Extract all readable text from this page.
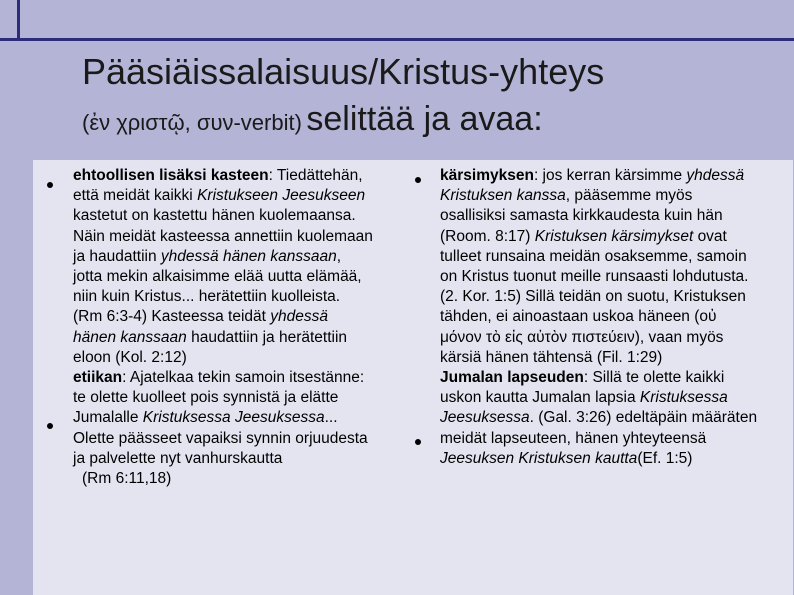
Pääsiäissalaisuus/Kristus-yhteys
(ἐν χριστῷ, συν-verbit) selittää ja avaa:

ehtoollisen lisäksi kasteen: Tiedättehän, että meidät kaikki Kristukseen Jeesukseen kastetut on kastettu hänen kuolemaansa. Näin meidät kasteessa annettiin kuolemaan ja haudattiin yhdessä hänen kanssaan, jotta mekin alkaisimme elää uutta elämää, niin kuin Kristus... herätettiin kuolleista. (Rm 6:3-4) Kasteessa teidät yhdessä hänen kanssaan haudattiin ja herätettiin eloon (Kol. 2:12)

etiikan: Ajatelkaa tekin samoin itsestänne: te olette kuolleet pois synnistä ja elätte Jumalalle Kristuksessa Jeesuksessa... Olette päässeet vapaiksi synnin orjuudesta ja palvelette nyt vanhurskautta

(Rm 6:11,18)

kärsimyksen: jos kerran kärsimme yhdessä Kristuksen kanssa, pääsemme myös osallisiksi samasta kirkkaudesta kuin hän (Room. 8:17) Kristuksen kärsimykset ovat tulleet runsaina meidän osaksemme, samoin on Kristus tuonut meille runsaasti lohdutusta. (2. Kor. 1:5) Sillä teidän on suotu, Kristuksen tähden, ei ainoastaan uskoa häneen (οὐ μόνον τὸ εἰς αὐτὸν πιστεύειν), vaan myös kärsiä hänen tähtensä (Fil. 1:29)

Jumalan lapseuden: Sillä te olette kaikki uskon kautta Jumalan lapsia Kristuksessa Jeesuksessa. (Gal. 3:26) edeltäpäin määräten meidät lapseuteen, hänen yhteyteensä Jeesuksen Kristuksen kautta(Ef. 1:5)
